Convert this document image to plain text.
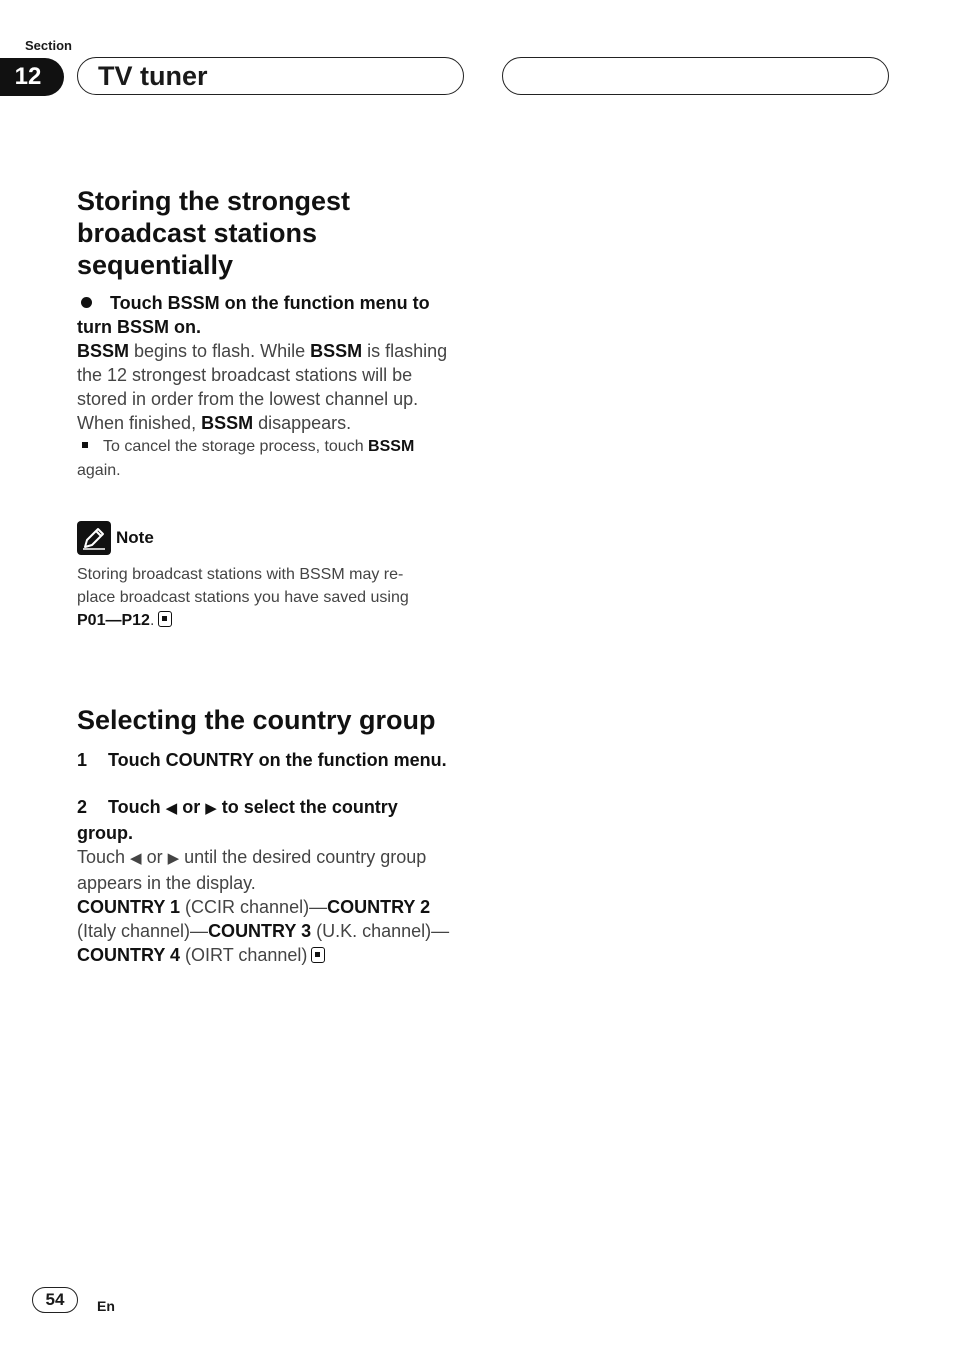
Section
12	TV tuner
Storing the strongest
broadcast stations
sequentially
Touch BSSM on the function menu to
turn BSSM on.
BSSM begins to flash. While BSSM is flashing
the 12 strongest broadcast stations will be
stored in order from the lowest channel up.
When finished, BSSM disappears.
To cancel the storage process, touch BSSM
again.
Note
Storing broadcast stations with BSSM may re-
place broadcast stations you have saved using
P01—P12.
Selecting the country group
1 Touch COUNTRY on the function menu.
2 Touch ◀ or ▶ to select the country
group.
Touch ◀ or ▶ until the desired country group
appears in the display.
COUNTRY 1 (CCIR channel)—COUNTRY 2
(Italy channel)—COUNTRY 3 (U.K. channel)—
COUNTRY 4 (OIRT channel)
54	En
